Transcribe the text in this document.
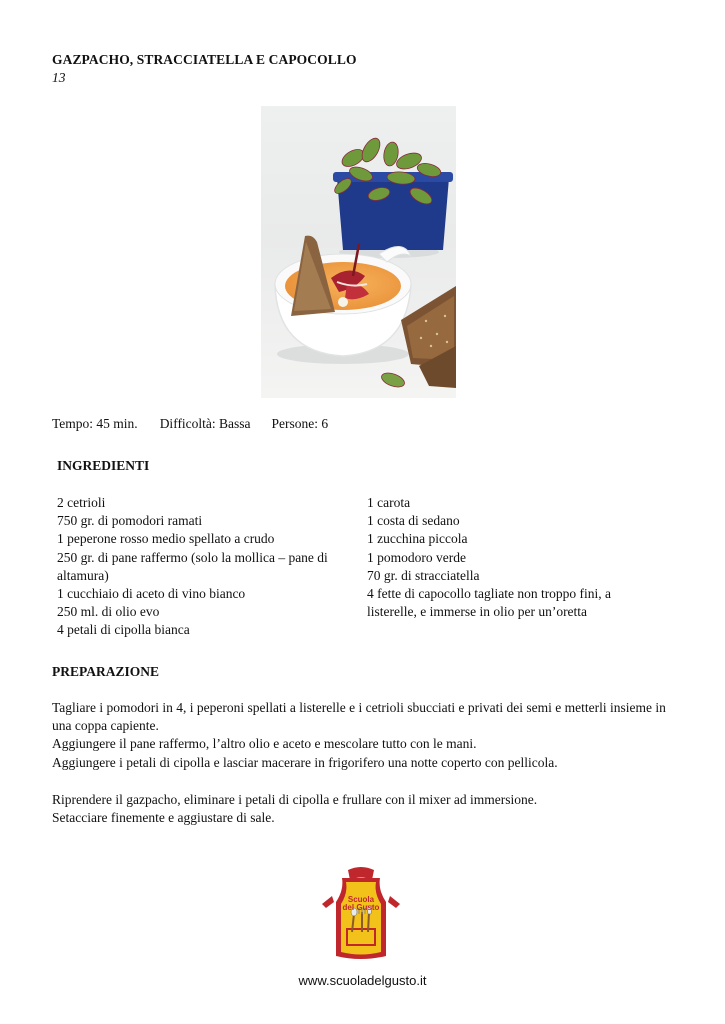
GAZPACHO, STRACCIATELLA E CAPOCOLLO
13
Tempo: 45 min. Difficoltà: Bassa Persone: 6
INGREDIENTI
2 cetrioli
750 gr. di pomodori ramati
1 peperone rosso medio spellato a crudo
250 gr. di pane raffermo (solo la mollica – pane di altamura)
1 cucchiaio di aceto di vino bianco
250 ml. di olio evo
4 petali di cipolla bianca
1 carota
1 costa di sedano
1 zucchina piccola
1 pomodoro verde
70 gr. di stracciatella
4 fette di capocollo tagliate non troppo fini, a listerelle, e immerse in olio per un’oretta
PREPARAZIONE
Tagliare i pomodori in 4, i peperoni spellati a listerelle e i cetrioli sbucciati e privati dei semi e metterli insieme in una coppa capiente.
Aggiungere il pane raffermo, l’altro olio e aceto e mescolare tutto con le mani.
Aggiungere i petali di cipolla e lasciar macerare in frigorifero una notte coperto con pellicola.
Riprendere il gazpacho, eliminare i petali di cipolla e frullare con il mixer ad immersione.
Setacciare finemente e aggiustare di sale.
Scuola
del Gusto
www.scuoladelgusto.it
